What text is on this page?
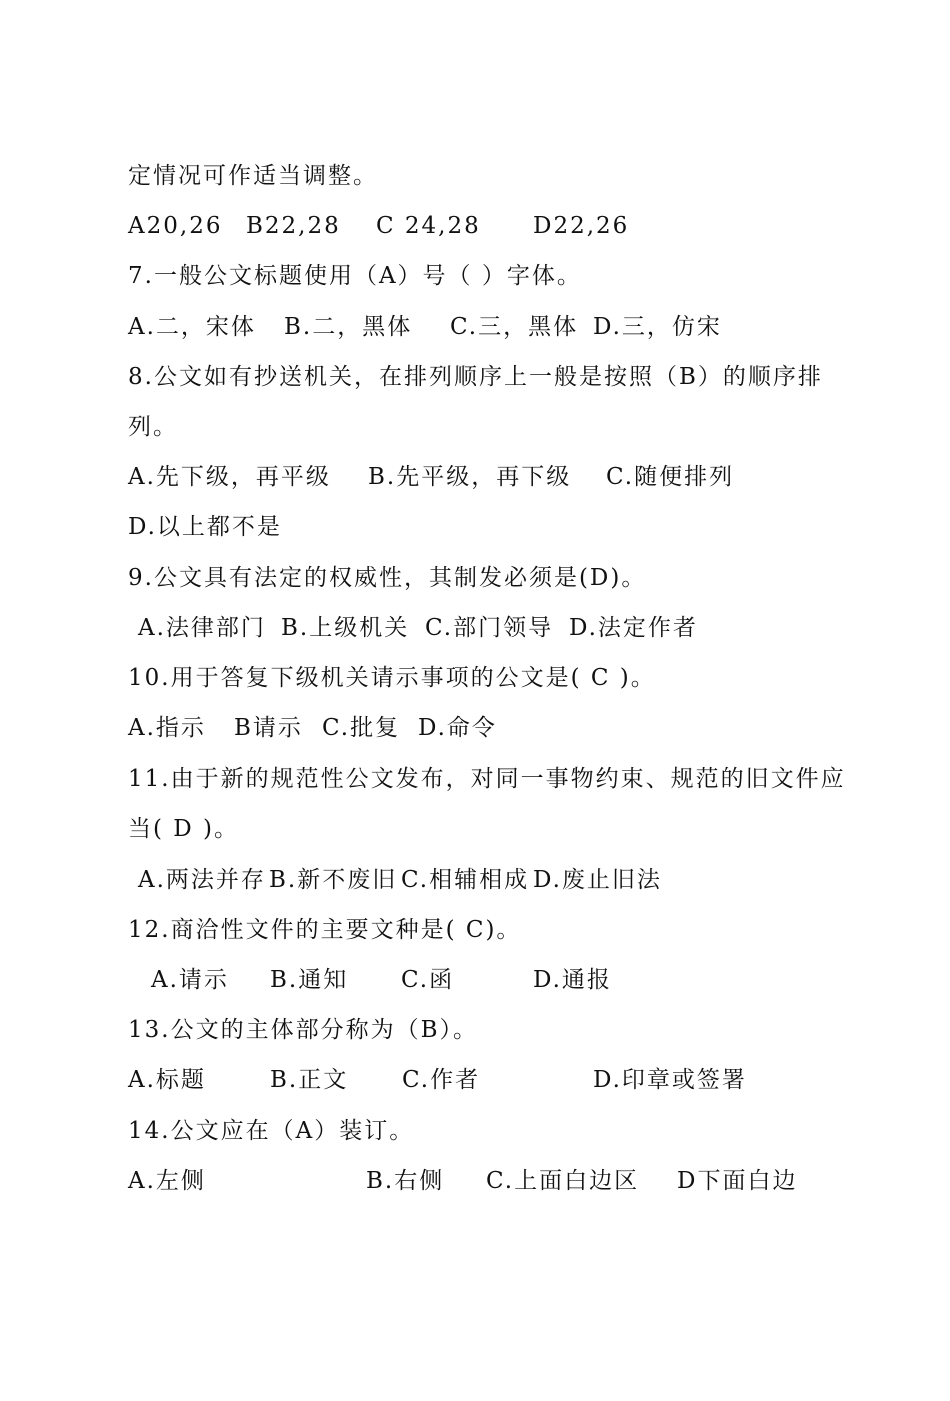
定情况可作适当调整。

A20,26

B22,28

C 24,28

D22,26

7.一般公文标题使用（A）号（ ）字体。

A.二，宋体

B.二，黑体

C.三，黑体

D.三，仿宋

8.公文如有抄送机关，在排列顺序上一般是按照（B）的顺序排
列。

A.先下级，再平级

B.先平级，再下级

C.随便排列

D.以上都不是
9.公文具有法定的权威性，其制发必须是(D)。

A.法律部门

B.上级机关

C.部门领导

D.法定作者

10.用于答复下级机关请示事项的公文是( C )。

A.指示

B请示

C.批复

D.命令

11.由于新的规范性公文发布，对同一事物约束、规范的旧文件应
当( D )。

A.两法并存

B.新不废旧

C.相辅相成

D.废止旧法

12.商洽性文件的主要文种是( C)。

A.请示

B.通知

C.函

	D.通报

13.公文的主体部分称为（B）。

A.标题

	B.正文

C.作者

	D.印章或签署

14.公文应在（A）装订。

A.左侧

	B.右侧

C.上面白边区

D下面白边
